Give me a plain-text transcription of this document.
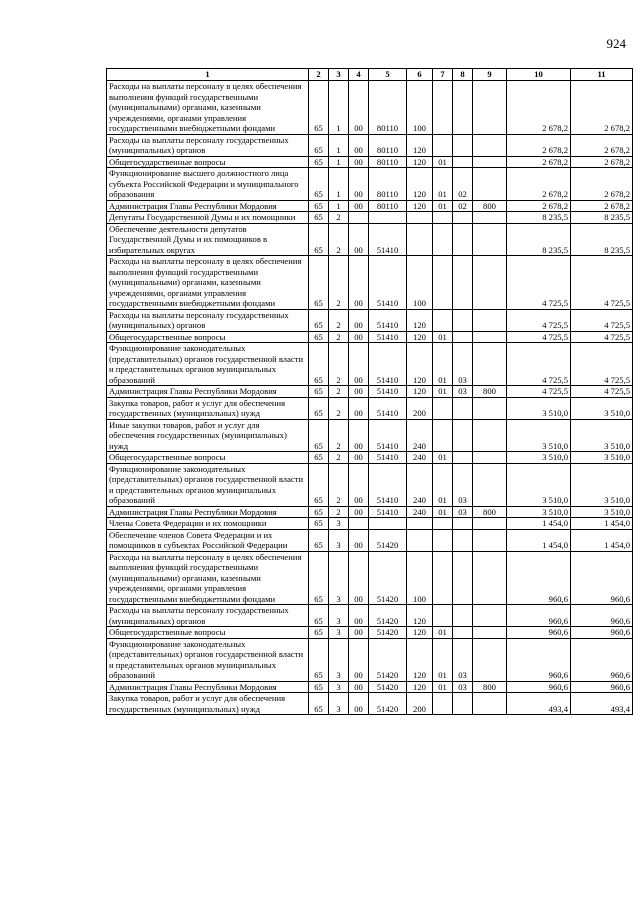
924
1	2	3	4	5	6	7	8	9	10	11
Расходы на выплаты персоналу в целях обеспечения выполнения функций государственными (муниципальными) органами, казенными учреждениями, органами управления государственными внебюджетными фондами	65	1	00	80110	100				2 678,2	2 678,2
Расходы на выплаты персоналу государственных (муниципальных) органов	65	1	00	80110	120				2 678,2	2 678,2
Общегосударственные вопросы	65	1	00	80110	120	01			2 678,2	2 678,2
Функционирование высшего должностного лица субъекта Российской Федерации и муниципального образования	65	1	00	80110	120	01	02		2 678,2	2 678,2
Администрация Главы Республики Мордовия	65	1	00	80110	120	01	02	800	2 678,2	2 678,2
Депутаты Государственной Думы и их помощники	65	2							8 235,5	8 235,5
Обеспечение деятельности депутатов Государственной Думы и их помощников в избирательных округах	65	2	00	51410					8 235,5	8 235,5
Расходы на выплаты персоналу в целях обеспечения выполнения функций государственными (муниципальными) органами, казенными учреждениями, органами управления государственными внебюджетными фондами	65	2	00	51410	100				4 725,5	4 725,5
Расходы на выплаты персоналу государственных (муниципальных) органов	65	2	00	51410	120				4 725,5	4 725,5
Общегосударственные вопросы	65	2	00	51410	120	01			4 725,5	4 725,5
Функционирование законодательных (представительных) органов государственной власти и представительных органов муниципальных образований	65	2	00	51410	120	01	03		4 725,5	4 725,5
Администрация Главы Республики Мордовия	65	2	00	51410	120	01	03	800	4 725,5	4 725,5
Закупка товаров, работ и услуг для обеспечения государственных (муниципальных) нужд	65	2	00	51410	200				3 510,0	3 510,0
Иные закупки товаров, работ и услуг для обеспечения государственных (муниципальных) нужд	65	2	00	51410	240				3 510,0	3 510,0
Общегосударственные вопросы	65	2	00	51410	240	01			3 510,0	3 510,0
Функционирование законодательных (представительных) органов государственной власти и представительных органов муниципальных образований	65	2	00	51410	240	01	03		3 510,0	3 510,0
Администрация Главы Республики Мордовия	65	2	00	51410	240	01	03	800	3 510,0	3 510,0
Члены Совета Федерации и их помощники	65	3							1 454,0	1 454,0
Обеспечение членов Совета Федерации и их помощников в субъектах Российской Федерации	65	3	00	51420					1 454,0	1 454,0
Расходы на выплаты персоналу в целях обеспечения выполнения функций государственными (муниципальными) органами, казенными учреждениями, органами управления государственными внебюджетными фондами	65	3	00	51420	100				960,6	960,6
Расходы на выплаты персоналу государственных (муниципальных) органов	65	3	00	51420	120				960,6	960,6
Общегосударственные вопросы	65	3	00	51420	120	01			960,6	960,6
Функционирование законодательных (представительных) органов государственной власти и представительных органов муниципальных образований	65	3	00	51420	120	01	03		960,6	960,6
Администрация Главы Республики Мордовия	65	3	00	51420	120	01	03	800	960,6	960,6
Закупка товаров, работ и услуг для обеспечения государственных (муниципальных) нужд	65	3	00	51420	200				493,4	493,4
